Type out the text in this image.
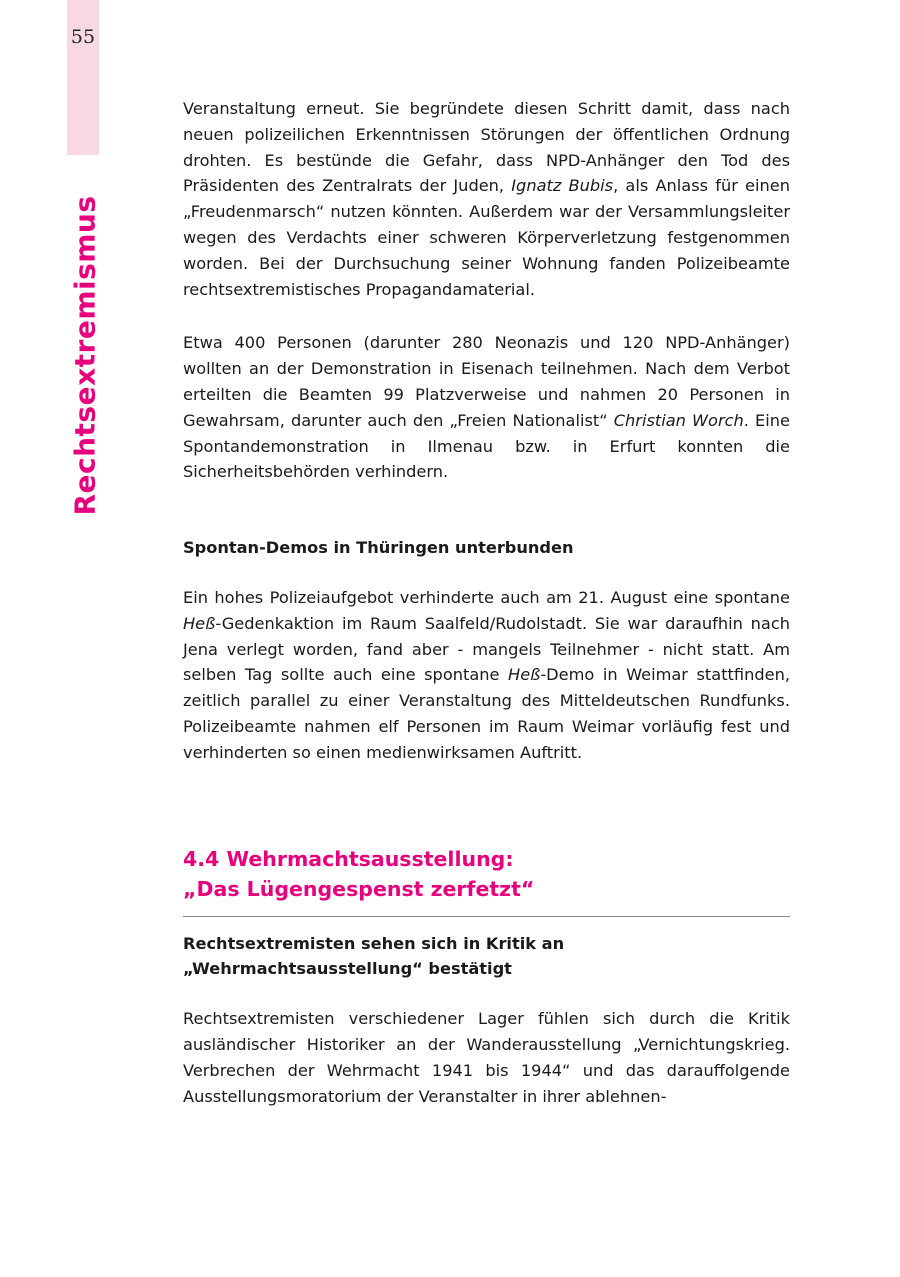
55
Rechtsextremismus

Veranstaltung erneut. Sie begründete diesen Schritt damit, dass nach neuen polizeilichen Erkenntnissen Störungen der öffentlichen Ordnung drohten. Es bestünde die Gefahr, dass NPD-Anhänger den Tod des Präsidenten des Zentralrats der Juden, Ignatz Bubis, als Anlass für einen „Freudenmarsch“ nutzen könnten. Außerdem war der Versammlungsleiter wegen des Verdachts einer schweren Körperverletzung festgenommen worden. Bei der Durchsuchung seiner Wohnung fanden Polizeibeamte rechtsextremistisches Propagandamaterial.

Etwa 400 Personen (darunter 280 Neonazis und 120 NPD-Anhänger) wollten an der Demonstration in Eisenach teilnehmen. Nach dem Verbot erteilten die Beamten 99 Platzverweise und nahmen 20 Personen in Gewahrsam, darunter auch den „Freien Nationalist“ Christian Worch. Eine Spontandemonstration in Ilmenau bzw. in Erfurt konnten die Sicherheitsbehörden verhindern.

Spontan-Demos in Thüringen unterbunden

Ein hohes Polizeiaufgebot verhinderte auch am 21. August eine spontane Heß-Gedenkaktion im Raum Saalfeld/Rudolstadt. Sie war daraufhin nach Jena verlegt worden, fand aber - mangels Teilnehmer - nicht statt. Am selben Tag sollte auch eine spontane Heß-Demo in Weimar stattfinden, zeitlich parallel zu einer Veranstaltung des Mitteldeutschen Rundfunks. Polizeibeamte nahmen elf Personen im Raum Weimar vorläufig fest und verhinderten so einen medienwirksamen Auftritt.

4.4 Wehrmachtsausstellung:
„Das Lügengespenst zerfetzt“
Rechtsextremisten sehen sich in Kritik an „Wehrmachtsausstellung“ bestätigt

Rechtsextremisten verschiedener Lager fühlen sich durch die Kritik ausländischer Historiker an der Wanderausstellung „Vernichtungskrieg. Verbrechen der Wehrmacht 1941 bis 1944“ und das darauffolgende Ausstellungsmoratorium der Veranstalter in ihrer ablehnen-
